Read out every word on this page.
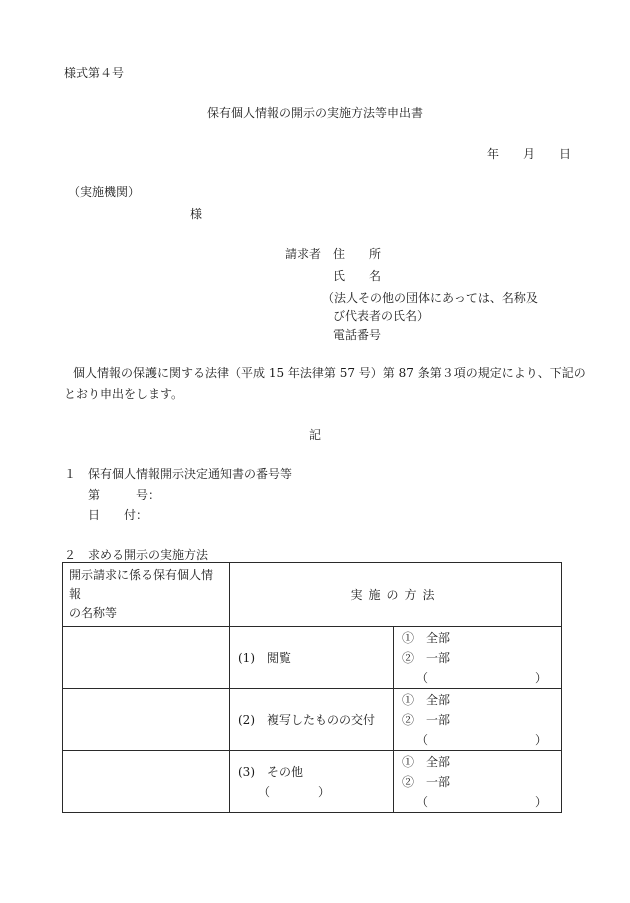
様式第４号
保有個人情報の開示の実施方法等申出書
年 月 日
（実施機関）
様
請求者 住　　所
氏　　名
（法人その他の団体にあっては、名称及
び代表者の氏名）
電話番号
個人情報の保護に関する法律（平成 15 年法律第 57 号）第 87 条第３項の規定により、下記の
とおり申出をします。
記
１　保有個人情報開示決定通知書の番号等
第　　　号：
日　　付：
２　求める開示の実施方法
開示請求に係る保有個人情報
の名称等	実施の方法	
	(1)　閲覧	①　全部
②　一部
（ ）

	(2)　複写したものの交付	①　全部
②　一部
（ ）

	(3)　その他
（　　　　）	①　全部
②　一部
（ ）
